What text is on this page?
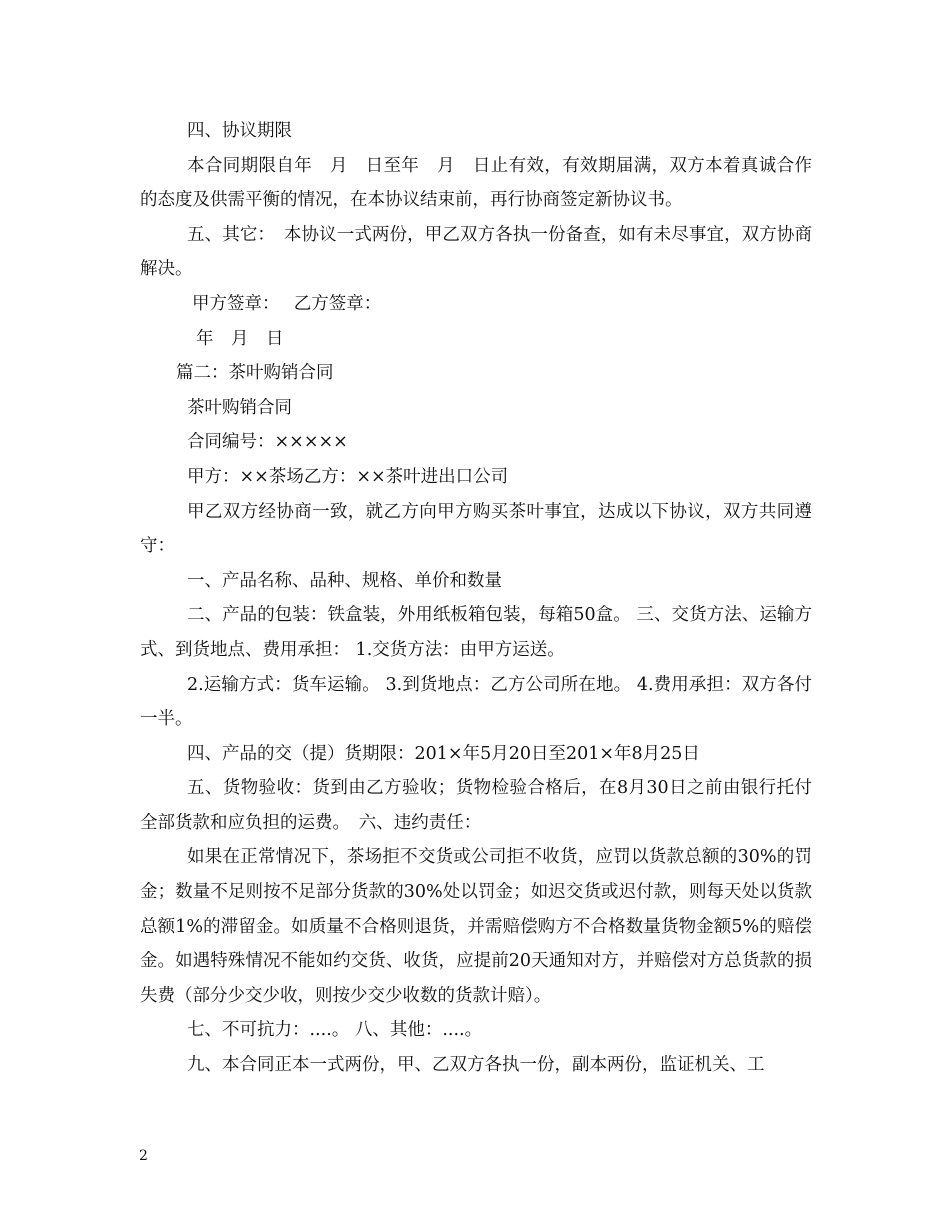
四、协议期限

本合同期限自年　月　日至年　月　日止有效，有效期届满，双方本着真诚合作的态度及供需平衡的情况，在本协议结束前，再行协商签定新协议书。

五、其它：　本协议一式两份，甲乙双方各执一份备查，如有未尽事宜，双方协商解决。

甲方签章：　 乙方签章：

年　月　日

篇二：茶叶购销合同

茶叶购销合同

合同编号：×××××

甲方：××茶场乙方：××茶叶进出口公司

甲乙双方经协商一致，就乙方向甲方购买茶叶事宜，达成以下协议，双方共同遵守：

一、产品名称、品种、规格、单价和数量

二、产品的包装：铁盒装，外用纸板箱包装，每箱50盒。 三、交货方法、运输方式、到货地点、费用承担： 1.交货方法：由甲方运送。

2.运输方式：货车运输。 3.到货地点：乙方公司所在地。 4.费用承担：双方各付一半。

四、产品的交（提）货期限：201×年5月20日至201×年8月25日

五、货物验收：货到由乙方验收；货物检验合格后，在8月30日之前由银行托付全部货款和应负担的运费。　六、违约责任：

如果在正常情况下，茶场拒不交货或公司拒不收货，应罚以货款总额的30%的罚金；数量不足则按不足部分货款的30%处以罚金；如迟交货或迟付款，则每天处以货款总额1%的滞留金。如质量不合格则退货，并需赔偿购方不合格数量货物金额5%的赔偿金。如遇特殊情况不能如约交货、收货，应提前20天通知对方，并赔偿对方总货款的损失费（部分少交少收，则按少交少收数的货款计赔）。

七、不可抗力：....。 八、其他：....。

九、本合同正本一式两份，甲、乙双方各执一份，副本两份，监证机关、工

2
